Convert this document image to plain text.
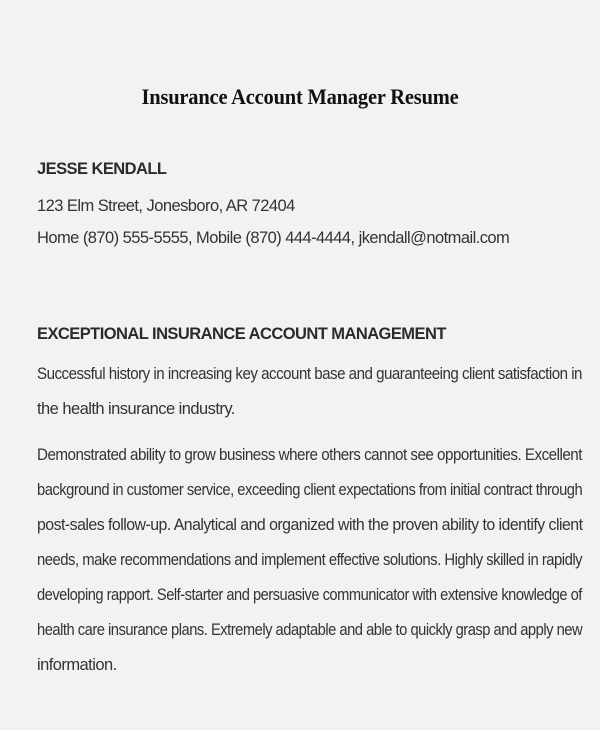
Insurance Account Manager Resume
JESSE KENDALL
123 Elm Street, Jonesboro, AR 72404
Home (870) 555-5555, Mobile (870) 444-4444, jkendall@notmail.com
EXCEPTIONAL INSURANCE ACCOUNT MANAGEMENT
Successful history in increasing key account base and guaranteeing client satisfaction in
the health insurance industry.
Demonstrated ability to grow business where others cannot see opportunities. Excellent
background in customer service, exceeding client expectations from initial contract through
post-sales follow-up. Analytical and organized with the proven ability to identify client
needs, make recommendations and implement effective solutions. Highly skilled in rapidly
developing rapport. Self-starter and persuasive communicator with extensive knowledge of
health care insurance plans. Extremely adaptable and able to quickly grasp and apply new
information.
